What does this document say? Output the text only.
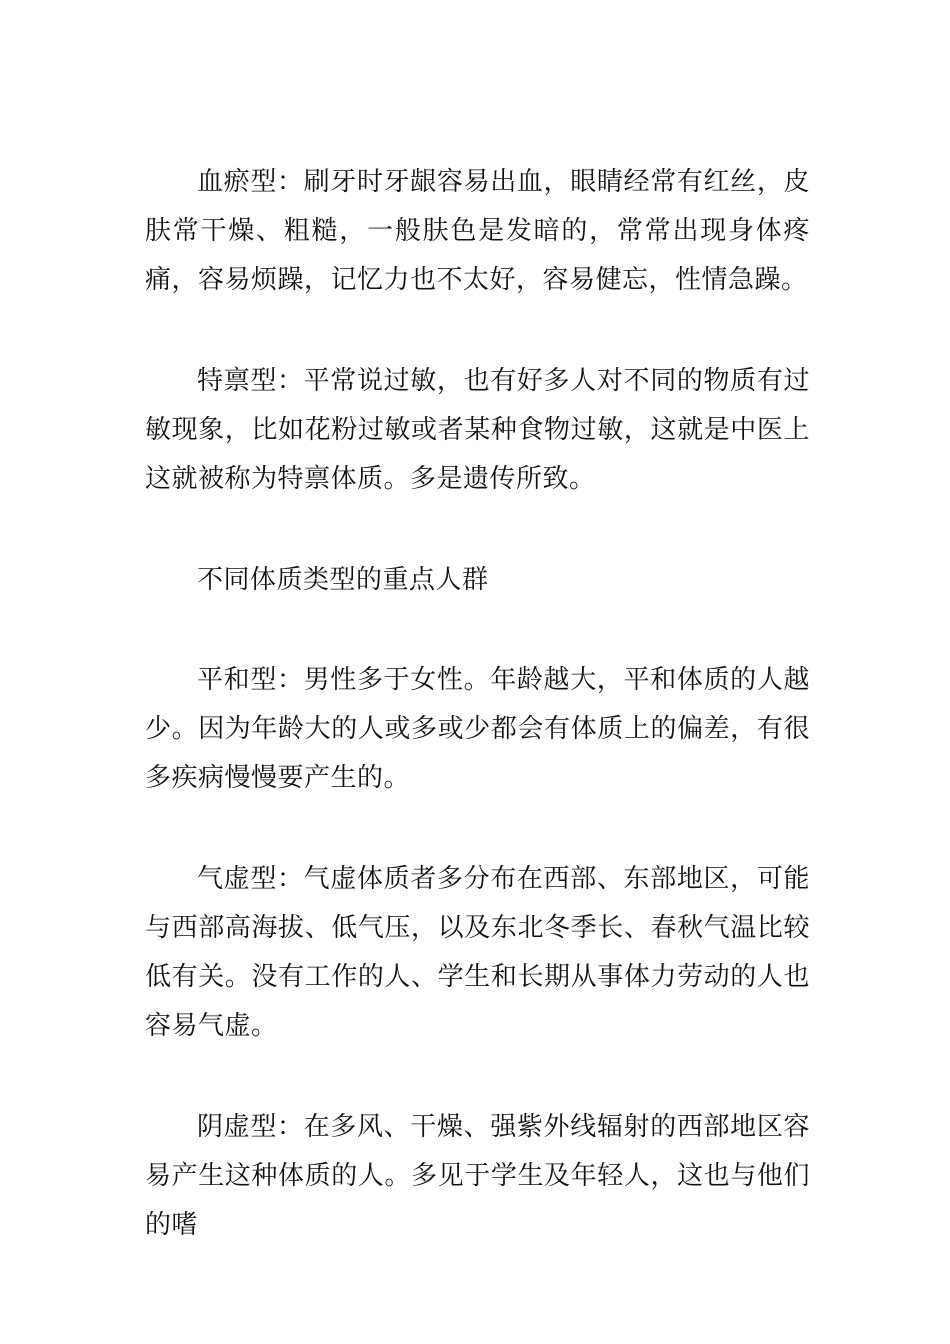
血瘀型：刷牙时牙龈容易出血，眼睛经常有红丝，皮肤常干燥、粗糙，一般肤色是发暗的，常常出现身体疼痛，容易烦躁，记忆力也不太好，容易健忘，性情急躁。

特禀型：平常说过敏，也有好多人对不同的物质有过敏现象，比如花粉过敏或者某种食物过敏，这就是中医上这就被称为特禀体质。多是遗传所致。

不同体质类型的重点人群

平和型：男性多于女性。年龄越大，平和体质的人越少。因为年龄大的人或多或少都会有体质上的偏差，有很多疾病慢慢要产生的。

气虚型：气虚体质者多分布在西部、东部地区，可能与西部高海拔、低气压，以及东北冬季长、春秋气温比较低有关。没有工作的人、学生和长期从事体力劳动的人也容易气虚。

阴虚型：在多风、干燥、强紫外线辐射的西部地区容易产生这种体质的人。多见于学生及年轻人，这也与他们的嗜
